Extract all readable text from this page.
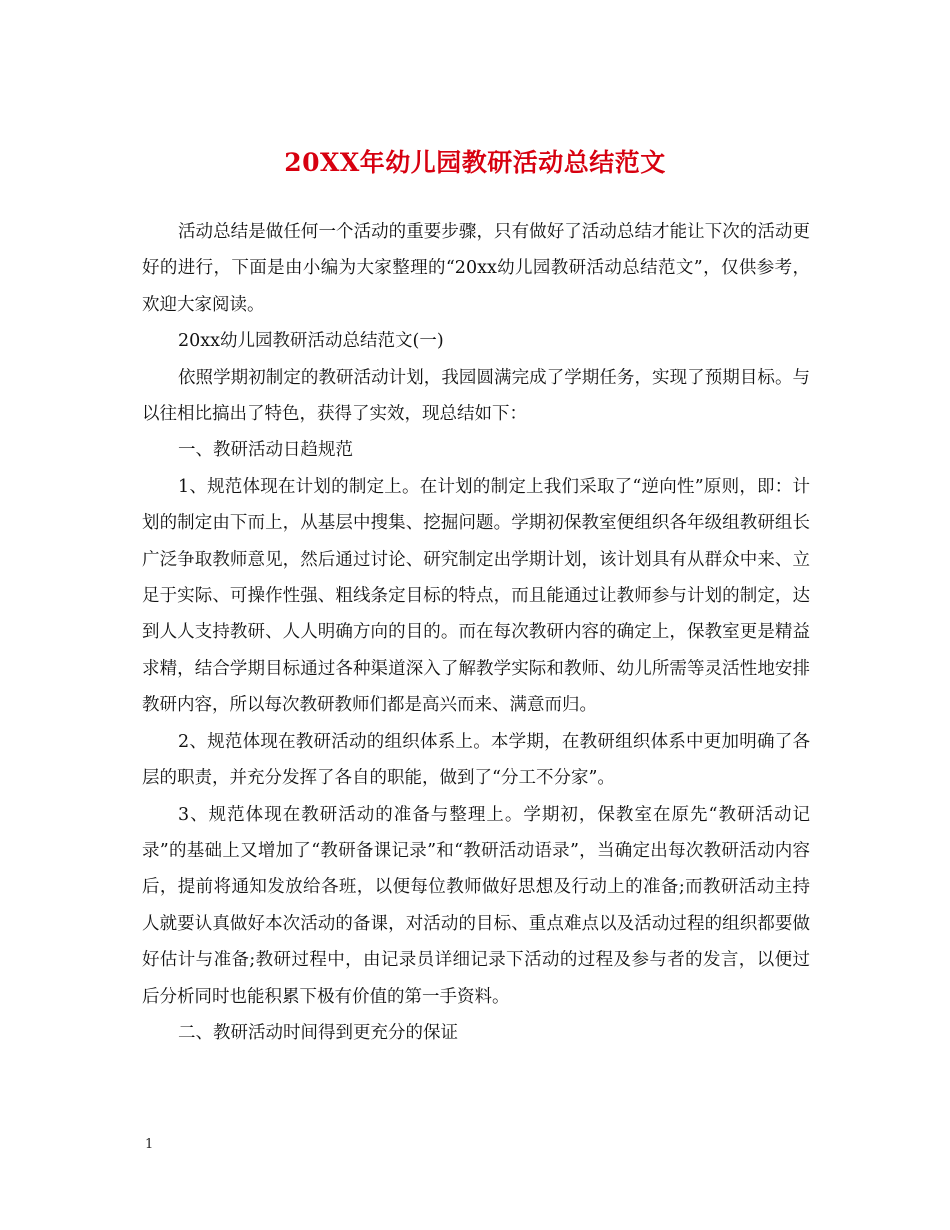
20XX年幼儿园教研活动总结范文

活动总结是做任何一个活动的重要步骤，只有做好了活动总结才能让下次的活动更好的进行，下面是由小编为大家整理的“20xx幼儿园教研活动总结范文”，仅供参考，欢迎大家阅读。

20xx幼儿园教研活动总结范文(一)

依照学期初制定的教研活动计划，我园圆满完成了学期任务，实现了预期目标。与以往相比搞出了特色，获得了实效，现总结如下：

一、教研活动日趋规范

1、规范体现在计划的制定上。在计划的制定上我们采取了“逆向性”原则，即：计划的制定由下而上，从基层中搜集、挖掘问题。学期初保教室便组织各年级组教研组长广泛争取教师意见，然后通过讨论、研究制定出学期计划，该计划具有从群众中来、立足于实际、可操作性强、粗线条定目标的特点，而且能通过让教师参与计划的制定，达到人人支持教研、人人明确方向的目的。而在每次教研内容的确定上，保教室更是精益求精，结合学期目标通过各种渠道深入了解教学实际和教师、幼儿所需等灵活性地安排教研内容，所以每次教研教师们都是高兴而来、满意而归。

2、规范体现在教研活动的组织体系上。本学期，在教研组织体系中更加明确了各层的职责，并充分发挥了各自的职能，做到了“分工不分家”。

3、规范体现在教研活动的准备与整理上。学期初，保教室在原先“教研活动记录”的基础上又增加了“教研备课记录”和“教研活动语录”，当确定出每次教研活动内容后，提前将通知发放给各班，以便每位教师做好思想及行动上的准备;而教研活动主持人就要认真做好本次活动的备课，对活动的目标、重点难点以及活动过程的组织都要做好估计与准备;教研过程中，由记录员详细记录下活动的过程及参与者的发言，以便过后分析同时也能积累下极有价值的第一手资料。

二、教研活动时间得到更充分的保证

1
